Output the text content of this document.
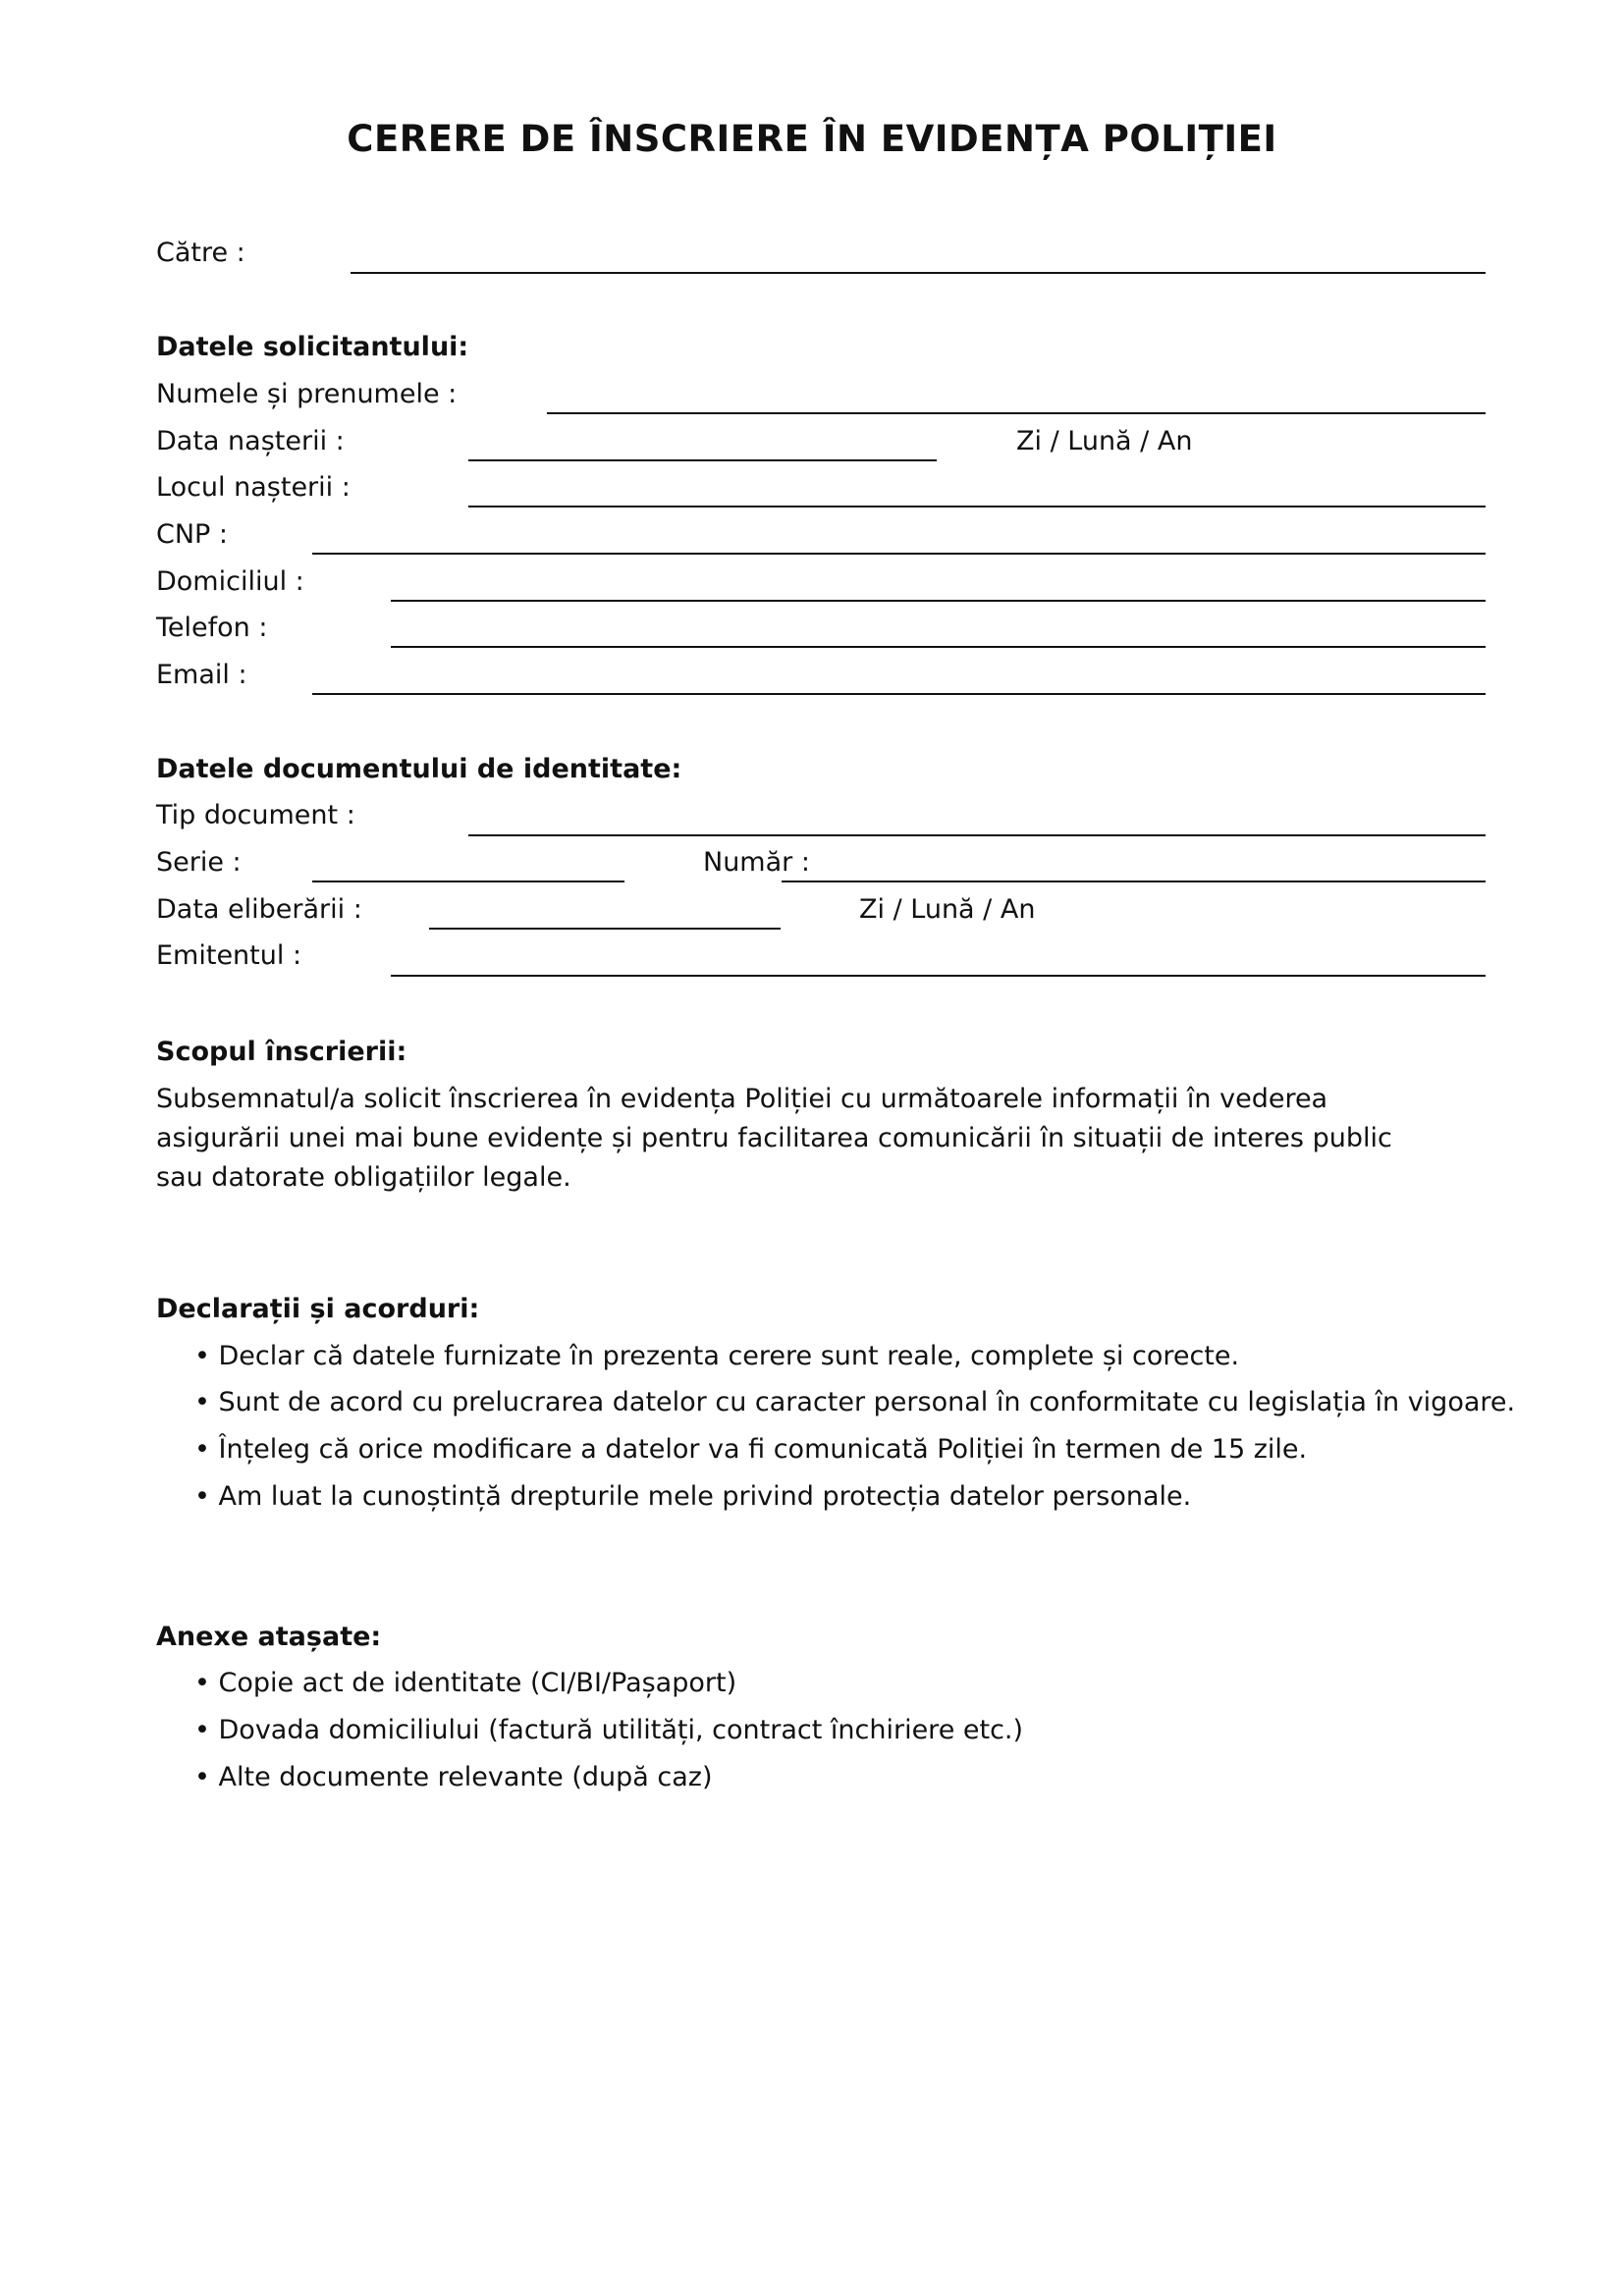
CERERE DE ÎNSCRIERE ÎN EVIDENȚA POLIȚIEI
Către :
Datele solicitantului:
Numele și prenumele :
Data nașterii :	Zi / Lună / An
Locul nașterii :
CNP :
Domiciliul :
Telefon :
Email :
Datele documentului de identitate:
Tip document :
Serie :	Număr :
Data eliberării :	Zi / Lună / An
Emitentul :
Scopul înscrierii:
Subsemnatul/a solicit înscrierea în evidența Poliției cu următoarele informații în vederea
asigurării unei mai bune evidențe și pentru facilitarea comunicării în situații de interes public
sau datorate obligațiilor legale.
Declarații și acorduri:
• Declar că datele furnizate în prezenta cerere sunt reale, complete și corecte.
• Sunt de acord cu prelucrarea datelor cu caracter personal în conformitate cu legislația în vigoare.
• Înțeleg că orice modificare a datelor va fi comunicată Poliției în termen de 15 zile.
• Am luat la cunoștință drepturile mele privind protecția datelor personale.
Anexe atașate:
• Copie act de identitate (CI/BI/Pașaport)
• Dovada domiciliului (factură utilități, contract închiriere etc.)
• Alte documente relevante (după caz)
